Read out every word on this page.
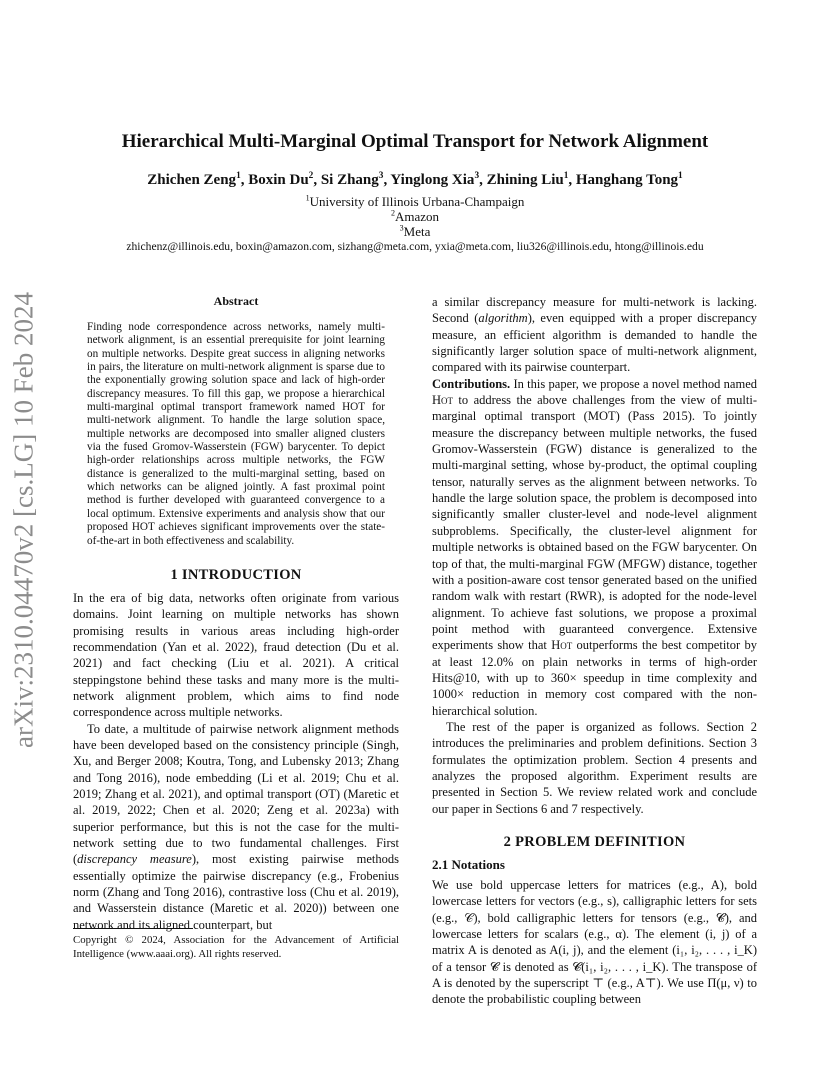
arXiv:2310.04470v2 [cs.LG] 10 Feb 2024
Hierarchical Multi-Marginal Optimal Transport for Network Alignment
Zhichen Zeng$^1$, Boxin Du$^2$, Si Zhang$^3$, Yinglong Xia$^3$, Zhining Liu$^1$, Hanghang Tong$^1$
$^1$University of Illinois Urbana-Champaign
$^2$Amazon
$^3$Meta
zhichenz@illinois.edu, boxin@amazon.com, sizhang@meta.com, yxia@meta.com, liu326@illinois.edu, htong@illinois.edu
Abstract
Finding node correspondence across networks, namely multi-network alignment, is an essential prerequisite for joint learning on multiple networks. Despite great success in aligning networks in pairs, the literature on multi-network alignment is sparse due to the exponentially growing solution space and lack of high-order discrepancy measures. To fill this gap, we propose a hierarchical multi-marginal optimal transport framework named HOT for multi-network alignment. To handle the large solution space, multiple networks are decomposed into smaller aligned clusters via the fused Gromov-Wasserstein (FGW) barycenter. To depict high-order relationships across multiple networks, the FGW distance is generalized to the multi-marginal setting, based on which networks can be aligned jointly. A fast proximal point method is further developed with guaranteed convergence to a local optimum. Extensive experiments and analysis show that our proposed HOT achieves significant improvements over the state-of-the-art in both effectiveness and scalability.
1 INTRODUCTION

In the era of big data, networks often originate from various domains. Joint learning on multiple networks has shown promising results in various areas including high-order recommendation (Yan et al. 2022), fraud detection (Du et al. 2021) and fact checking (Liu et al. 2021). A critical steppingstone behind these tasks and many more is the multi-network alignment problem, which aims to find node correspondence across multiple networks.

To date, a multitude of pairwise network alignment methods have been developed based on the consistency principle (Singh, Xu, and Berger 2008; Koutra, Tong, and Lubensky 2013; Zhang and Tong 2016), node embedding (Li et al. 2019; Chu et al. 2019; Zhang et al. 2021), and optimal transport (OT) (Maretic et al. 2019, 2022; Chen et al. 2020; Zeng et al. 2023a) with superior performance, but this is not the case for the multi-network setting due to two fundamental challenges. First (discrepancy measure), most existing pairwise methods essentially optimize the pairwise discrepancy (e.g., Frobenius norm (Zhang and Tong 2016), contrastive loss (Chu et al. 2019), and Wasserstein distance (Maretic et al. 2020)) between one network and its aligned counterpart, but

Copyright © 2024, Association for the Advancement of Artificial Intelligence (www.aaai.org). All rights reserved.

a similar discrepancy measure for multi-network is lacking. Second (algorithm), even equipped with a proper discrepancy measure, an efficient algorithm is demanded to handle the significantly larger solution space of multi-network alignment, compared with its pairwise counterpart.

Contributions. In this paper, we propose a novel method named Hot to address the above challenges from the view of multi-marginal optimal transport (MOT) (Pass 2015). To jointly measure the discrepancy between multiple networks, the fused Gromov-Wasserstein (FGW) distance is generalized to the multi-marginal setting, whose by-product, the optimal coupling tensor, naturally serves as the alignment between networks. To handle the large solution space, the problem is decomposed into significantly smaller cluster-level and node-level alignment subproblems. Specifically, the cluster-level alignment for multiple networks is obtained based on the FGW barycenter. On top of that, the multi-marginal FGW (MFGW) distance, together with a position-aware cost tensor generated based on the unified random walk with restart (RWR), is adopted for the node-level alignment. To achieve fast solutions, we propose a proximal point method with guaranteed convergence. Extensive experiments show that Hot outperforms the best competitor by at least 12.0% on plain networks in terms of high-order Hits@10, with up to 360× speedup in time complexity and 1000× reduction in memory cost compared with the non-hierarchical solution.

The rest of the paper is organized as follows. Section 2 introduces the preliminaries and problem definitions. Section 3 formulates the optimization problem. Section 4 presents and analyzes the proposed algorithm. Experiment results are presented in Section 5. We review related work and conclude our paper in Sections 6 and 7 respectively.

2 PROBLEM DEFINITION
2.1 Notations

We use bold uppercase letters for matrices (e.g., A), bold lowercase letters for vectors (e.g., s), calligraphic letters for sets (e.g., 𝒞), bold calligraphic letters for tensors (e.g., 𝓒), and lowercase letters for scalars (e.g., α). The element (i, j) of a matrix A is denoted as A(i, j), and the element (i₁, i₂, . . . , i_K) of a tensor 𝓒 is denoted as 𝓒(i₁, i₂, . . . , i_K). The transpose of A is denoted by the superscript ⊤ (e.g., A⊤). We use Π(μ, ν) to denote the probabilistic coupling between
